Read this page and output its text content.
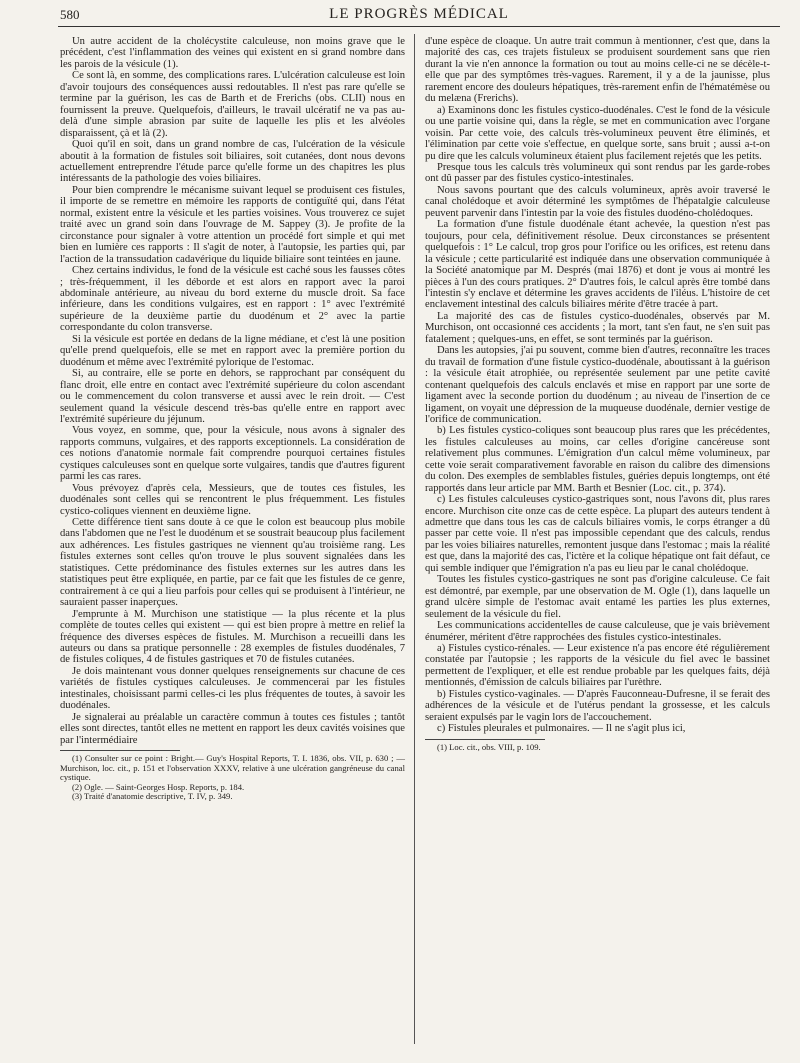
580	LE PROGRÈS MÉDICAL

Un autre accident de la cholécystite calculeuse, non moins grave que le précédent, c'est l'inflammation des veines qui existent en si grand nombre dans les parois de la vésicule (1).

Ce sont là, en somme, des complications rares. L'ulcération calculeuse est loin d'avoir toujours des conséquences aussi redoutables. Il n'est pas rare qu'elle se termine par la guérison, les cas de Barth et de Frerichs (obs. CLII) nous en fournissent la preuve. Quelquefois, d'ailleurs, le travail ulcératif ne va pas au-delà d'une simple abrasion par suite de laquelle les plis et les alvéoles disparaissent, çà et là (2).

Quoi qu'il en soit, dans un grand nombre de cas, l'ulcération de la vésicule aboutit à la formation de fistules soit biliaires, soit cutanées, dont nous devons actuellement entreprendre l'étude parce qu'elle forme un des chapitres les plus intéressants de la pathologie des voies biliaires.

Pour bien comprendre le mécanisme suivant lequel se produisent ces fistules, il importe de se remettre en mémoire les rapports de contiguïté qui, dans l'état normal, existent entre la vésicule et les parties voisines. Vous trouverez ce sujet traité avec un grand soin dans l'ouvrage de M. Sappey (3). Je profite de la circonstance pour signaler à votre attention un procédé fort simple et qui met bien en lumière ces rapports : Il s'agit de noter, à l'autopsie, les parties qui, par l'action de la transsudation cadavérique du liquide biliaire sont teintées en jaune.

Chez certains individus, le fond de la vésicule est caché sous les fausses côtes ; très-fréquemment, il les déborde et est alors en rapport avec la paroi abdominale antérieure, au niveau du bord externe du muscle droit. Sa face inférieure, dans les conditions vulgaires, est en rapport : 1° avec l'extrémité supérieure de la deuxième partie du duodénum et 2° avec la partie correspondante du colon transverse.

Si la vésicule est portée en dedans de la ligne médiane, et c'est là une position qu'elle prend quelquefois, elle se met en rapport avec la première portion du duodénum et même avec l'extrémité pylorique de l'estomac.

Si, au contraire, elle se porte en dehors, se rapprochant par conséquent du flanc droit, elle entre en contact avec l'extrémité supérieure du colon ascendant ou le commencement du colon transverse et aussi avec le rein droit. — C'est seulement quand la vésicule descend très-bas qu'elle entre en rapport avec l'extrémité supérieure du jéjunum.

Vous voyez, en somme, que, pour la vésicule, nous avons à signaler des rapports communs, vulgaires, et des rapports exceptionnels. La considération de ces notions d'anatomie normale fait comprendre pourquoi certaines fistules cystiques calculeuses sont en quelque sorte vulgaires, tandis que d'autres figurent parmi les cas rares.

Vous prévoyez d'après cela, Messieurs, que de toutes ces fistules, les duodénales sont celles qui se rencontrent le plus fréquemment. Les fistules cystico-coliques viennent en deuxième ligne.

Cette différence tient sans doute à ce que le colon est beaucoup plus mobile dans l'abdomen que ne l'est le duodénum et se soustrait beaucoup plus facilement aux adhérences. Les fistules gastriques ne viennent qu'au troisième rang. Les fistules externes sont celles qu'on trouve le plus souvent signalées dans les statistiques. Cette prédominance des fistules externes sur les autres dans les statistiques peut être expliquée, en partie, par ce fait que les fistules de ce genre, contrairement à ce qui a lieu parfois pour celles qui se produisent à l'intérieur, ne sauraient passer inaperçues.

J'emprunte à M. Murchison une statistique — la plus récente et la plus complète de toutes celles qui existent — qui est bien propre à mettre en relief la fréquence des diverses espèces de fistules. M. Murchison a recueilli dans les auteurs ou dans sa pratique personnelle : 28 exemples de fistules duodénales, 7 de fistules coliques, 4 de fistules gastriques et 70 de fistules cutanées.

Je dois maintenant vous donner quelques renseignements sur chacune de ces variétés de fistules cystiques calculeuses. Je commencerai par les fistules intestinales, choisissant parmi celles-ci les plus fréquentes de toutes, à savoir les duodénales.

Je signalerai au préalable un caractère commun à toutes ces fistules ; tantôt elles sont directes, tantôt elles ne mettent en rapport les deux cavités voisines que par l'intermédiaire

(1) Consulter sur ce point : Bright.— Guy's Hospital Reports, T. I. 1836, obs. VII, p. 630 ; — Murchison, loc. cit., p. 151 et l'observation XXXV, relative à une ulcération gangréneuse du canal cystique.

(2) Ogle. — Saint-Georges Hosp. Reports, p. 184.

(3) Traité d'anatomie descriptive, T. IV, p. 349.

d'une espèce de cloaque. Un autre trait commun à mentionner, c'est que, dans la majorité des cas, ces trajets fistuleux se produisent sourdement sans que rien durant la vie n'en annonce la formation ou tout au moins celle-ci ne se décèle-t-elle que par des symptômes très-vagues. Rarement, il y a de la jaunisse, plus rarement encore des douleurs hépatiques, très-rarement enfin de l'hématémèse ou du melæna (Frerichs).

a) Examinons donc les fistules cystico-duodénales. C'est le fond de la vésicule ou une partie voisine qui, dans la règle, se met en communication avec l'organe voisin. Par cette voie, des calculs très-volumineux peuvent être éliminés, et l'élimination par cette voie s'effectue, en quelque sorte, sans bruit ; aussi a-t-on pu dire que les calculs volumineux étaient plus facilement rejetés que les petits.

Presque tous les calculs très volumineux qui sont rendus par les garde-robes ont dû passer par des fistules cystico-intestinales.

Nous savons pourtant que des calculs volumineux, après avoir traversé le canal cholédoque et avoir déterminé les symptômes de l'hépatalgie calculeuse peuvent parvenir dans l'intestin par la voie des fistules duodéno-cholédoques.

La formation d'une fistule duodénale étant achevée, la question n'est pas toujours, pour cela, définitivement résolue. Deux circonstances se présentent quelquefois : 1° Le calcul, trop gros pour l'orifice ou les orifices, est retenu dans la vésicule ; cette particularité est indiquée dans une observation communiquée à la Société anatomique par M. Després (mai 1876) et dont je vous ai montré les pièces à l'un des cours pratiques. 2° D'autres fois, le calcul après être tombé dans l'intestin s'y enclave et détermine les graves accidents de l'iléus. L'histoire de cet enclavement intestinal des calculs biliaires mérite d'être tracée à part.

La majorité des cas de fistules cystico-duodénales, observés par M. Murchison, ont occasionné ces accidents ; la mort, tant s'en faut, ne s'en suit pas fatalement ; quelques-uns, en effet, se sont terminés par la guérison.

Dans les autopsies, j'ai pu souvent, comme bien d'autres, reconnaître les traces du travail de formation d'une fistule cystico-duodénale, aboutissant à la guérison : la vésicule était atrophiée, ou représentée seulement par une petite cavité contenant quelquefois des calculs enclavés et mise en rapport par une sorte de ligament avec la seconde portion du duodénum ; au niveau de l'insertion de ce ligament, on voyait une dépression de la muqueuse duodénale, dernier vestige de l'orifice de communication.

b) Les fistules cystico-coliques sont beaucoup plus rares que les précédentes, les fistules calculeuses au moins, car celles d'origine cancéreuse sont relativement plus communes. L'émigration d'un calcul même volumineux, par cette voie serait comparativement favorable en raison du calibre des dimensions du colon. Des exemples de semblables fistules, guéries depuis longtemps, ont été rapportés dans leur article par MM. Barth et Besnier (Loc. cit., p. 374).

c) Les fistules calculeuses cystico-gastriques sont, nous l'avons dit, plus rares encore. Murchison cite onze cas de cette espèce. La plupart des auteurs tendent à admettre que dans tous les cas de calculs biliaires vomis, le corps étranger a dû passer par cette voie. Il n'est pas impossible cependant que des calculs, rendus par les voies biliaires naturelles, remontent jusque dans l'estomac ; mais la réalité est que, dans la majorité des cas, l'ictère et la colique hépatique ont fait défaut, ce qui semble indiquer que l'émigration n'a pas eu lieu par le canal cholédoque.

Toutes les fistules cystico-gastriques ne sont pas d'origine calculeuse. Ce fait est démontré, par exemple, par une observation de M. Ogle (1), dans laquelle un grand ulcère simple de l'estomac avait entamé les parties les plus externes, seulement de la vésicule du fiel.

Les communications accidentelles de cause calculeuse, que je vais brièvement énumérer, méritent d'être rapprochées des fistules cystico-intestinales.

a) Fistules cystico-rénales. — Leur existence n'a pas encore été régulièrement constatée par l'autopsie ; les rapports de la vésicule du fiel avec le bassinet permettent de l'expliquer, et elle est rendue probable par les quelques faits, déjà mentionnés, d'émission de calculs biliaires par l'urèthre.

b) Fistules cystico-vaginales. — D'après Fauconneau-Dufresne, il se ferait des adhérences de la vésicule et de l'utérus pendant la grossesse, et les calculs seraient expulsés par le vagin lors de l'accouchement.

c) Fistules pleurales et pulmonaires. — Il ne s'agit plus ici,

(1) Loc. cit., obs. VIII, p. 109.
